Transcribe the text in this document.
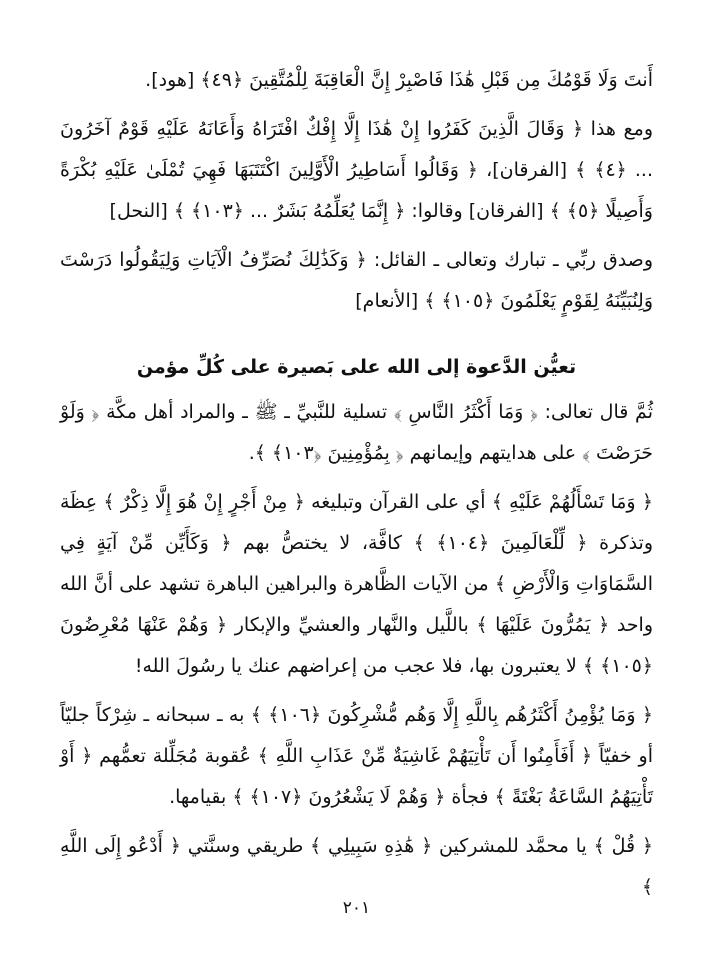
أَنتَ وَلَا قَوْمُكَ مِن قَبْلِ هَٰذَا فَاصْبِرْ إِنَّ الْعَاقِبَةَ لِلْمُتَّقِينَ ﴿٤٩﴾ [هود].

ومع هذا ﴿ وَقَالَ الَّذِينَ كَفَرُوا إِنْ هَٰذَا إِلَّا إِفْكٌ افْتَرَاهُ وَأَعَانَهُ عَلَيْهِ قَوْمٌ آخَرُونَ ... ﴿٤﴾ ﴾ [الفرقان]، ﴿ وَقَالُوا أَسَاطِيرُ الْأَوَّلِينَ اكْتَتَبَهَا فَهِيَ تُمْلَىٰ عَلَيْهِ بُكْرَةً وَأَصِيلًا ﴿٥﴾ ﴾ [الفرقان] وقالوا: ﴿ إِنَّمَا يُعَلِّمُهُ بَشَرٌ ... ﴿١٠٣﴾ ﴾ [النحل]

وصدق ربِّي ـ تبارك وتعالى ـ القائل: ﴿ وَكَذَٰلِكَ نُصَرِّفُ الْآيَاتِ وَلِيَقُولُوا دَرَسْتَ وَلِنُبَيِّنَهُ لِقَوْمٍ يَعْلَمُونَ ﴿١٠٥﴾ ﴾ [الأنعام]

تعيُّن الدَّعوة إلى الله على بَصيرة على كُلِّ مؤمن

ثُمَّ قال تعالى: ﴿ وَمَا أَكْثَرُ النَّاسِ ﴾ تسلية للنَّبيِّ ـ ﷺ ـ والمراد أهل مكَّة ﴿ وَلَوْ حَرَصْتَ ﴾ على هدايتهم وإيمانهم ﴿ بِمُؤْمِنِينَ ﴿١٠٣﴾ ﴾.

﴿ وَمَا تَسْأَلُهُمْ عَلَيْهِ ﴾ أي على القرآن وتبليغه ﴿ مِنْ أَجْرٍ إِنْ هُوَ إِلَّا ذِكْرٌ ﴾ عِظَة وتذكرة ﴿ لِّلْعَالَمِينَ ﴿١٠٤﴾ ﴾ كافَّة، لا يختصُّ بهم ﴿ وَكَأَيِّن مِّنْ آيَةٍ فِي السَّمَاوَاتِ وَالْأَرْضِ ﴾ من الآيات الظَّاهرة والبراهين الباهرة تشهد على أنَّ الله واحد ﴿ يَمُرُّونَ عَلَيْهَا ﴾ باللَّيل والنَّهار والعشيِّ والإبكار ﴿ وَهُمْ عَنْهَا مُعْرِضُونَ ﴿١٠٥﴾ ﴾ لا يعتبرون بها، فلا عجب من إعراضهم عنك يا رسُولَ الله!

﴿ وَمَا يُؤْمِنُ أَكْثَرُهُم بِاللَّهِ إِلَّا وَهُم مُّشْرِكُونَ ﴿١٠٦﴾ ﴾ به ـ سبحانه ـ شِرْكاً جليّاً أو خفيّاً ﴿ أَفَأَمِنُوا أَن تَأْتِيَهُمْ غَاشِيَةٌ مِّنْ عَذَابِ اللَّهِ ﴾ عُقوبة مُجَلِّلة تعمُّهم ﴿ أَوْ تَأْتِيَهُمُ السَّاعَةُ بَغْتَةً ﴾ فجأة ﴿ وَهُمْ لَا يَشْعُرُونَ ﴿١٠٧﴾ ﴾ بقيامها.

﴿ قُلْ ﴾ يا محمَّد للمشركين ﴿ هَٰذِهِ سَبِيلِي ﴾ طريقي وسنَّتي ﴿ أَدْعُو إِلَى اللَّهِ ﴾

٢٠١
